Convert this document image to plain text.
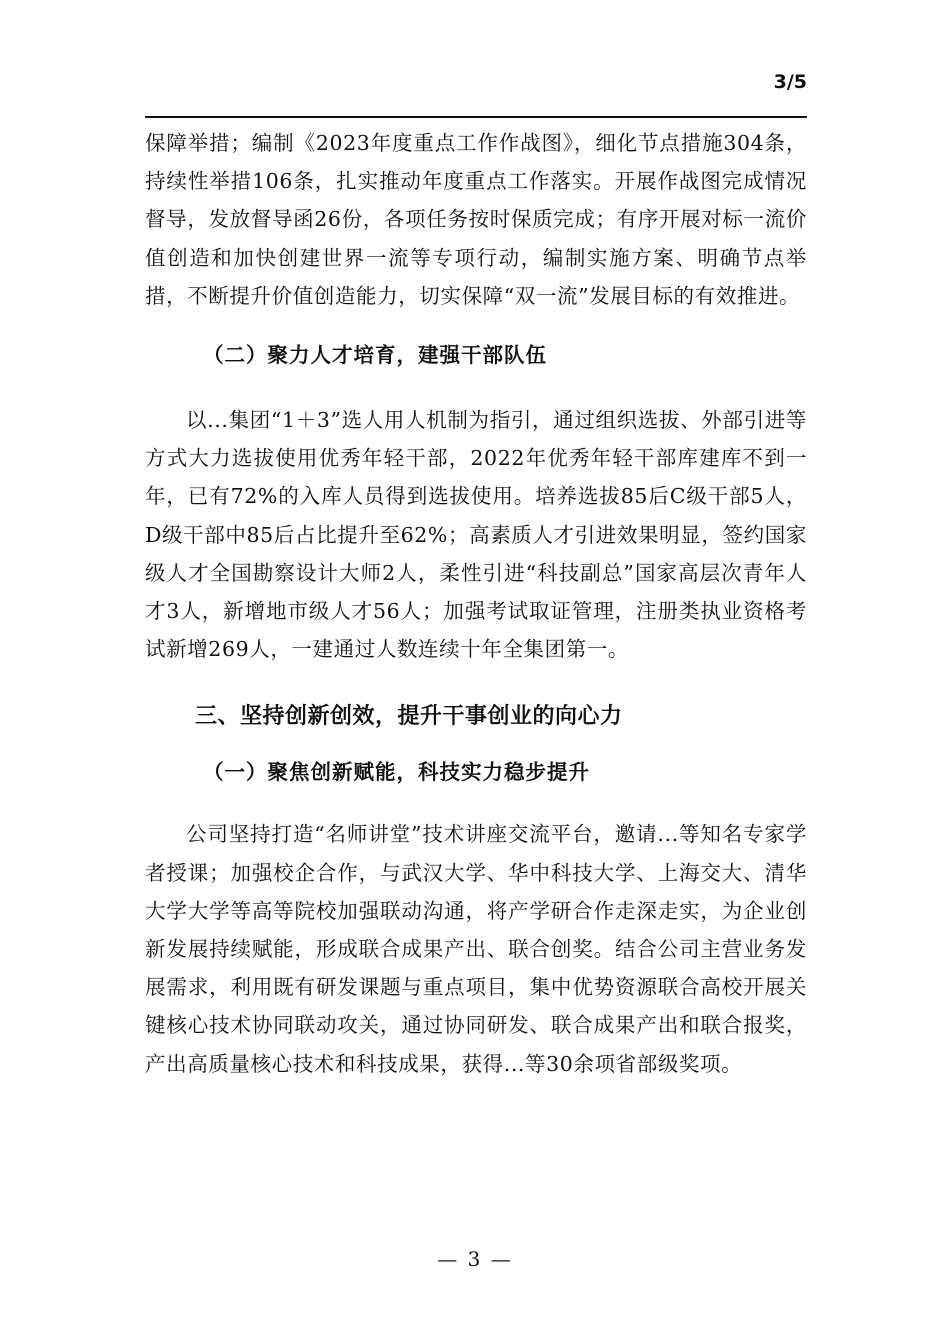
3/5

保障举措；编制《2023年度重点工作作战图》，细化节点措施304条，持续性举措106条，扎实推动年度重点工作落实。开展作战图完成情况督导，发放督导函26份，各项任务按时保质完成；有序开展对标一流价值创造和加快创建世界一流等专项行动，编制实施方案、明确节点举措，不断提升价值创造能力，切实保障“双一流”发展目标的有效推进。

（二）聚力人才培育，建强干部队伍

以...集团“1＋3”选人用人机制为指引，通过组织选拔、外部引进等方式大力选拔使用优秀年轻干部，2022年优秀年轻干部库建库不到一年，已有72%的入库人员得到选拔使用。培养选拔85后C级干部5人，D级干部中85后占比提升至62%；高素质人才引进效果明显，签约国家级人才全国勘察设计大师2人，柔性引进“科技副总”国家高层次青年人才3人，新增地市级人才56人；加强考试取证管理，注册类执业资格考试新增269人，一建通过人数连续十年全集团第一。

三、坚持创新创效，提升干事创业的向心力
（一）聚焦创新赋能，科技实力稳步提升

公司坚持打造“名师讲堂”技术讲座交流平台，邀请...等知名专家学者授课；加强校企合作，与武汉大学、华中科技大学、上海交大、清华大学大学等高等院校加强联动沟通，将产学研合作走深走实，为企业创新发展持续赋能，形成联合成果产出、联合创奖。结合公司主营业务发展需求，利用既有研发课题与重点项目，集中优势资源联合高校开展关键核心技术协同联动攻关，通过协同研发、联合成果产出和联合报奖，产出高质量核心技术和科技成果，获得...等30余项省部级奖项。

— 3 —
